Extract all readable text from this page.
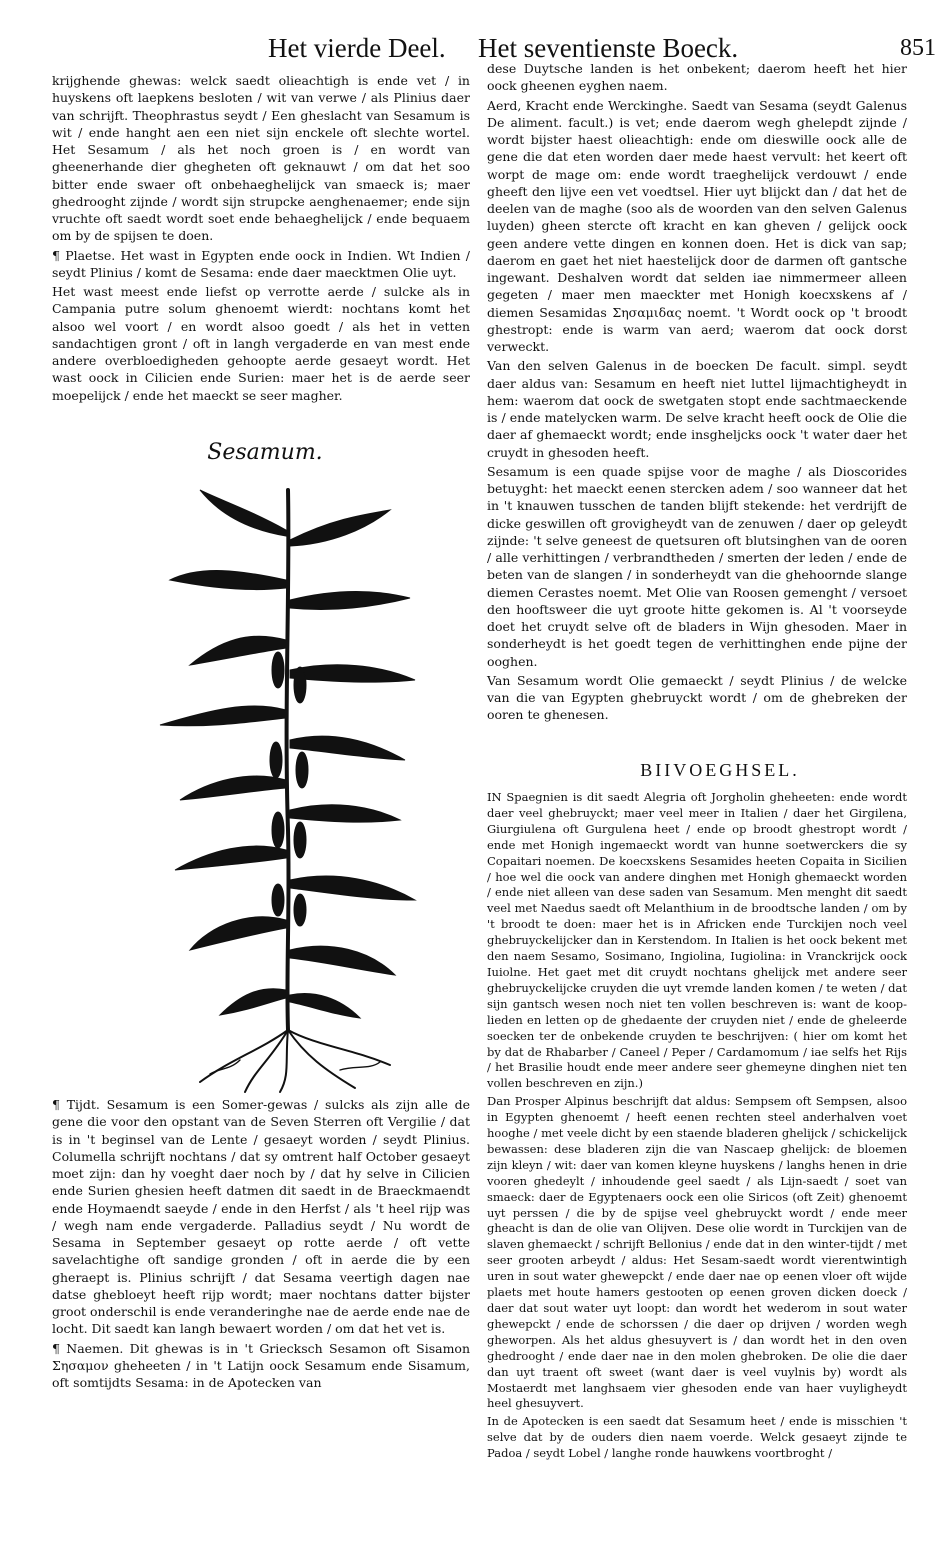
Het vierde Deel. Het seventienste Boeck.	851

krijghende ghewas: welck saedt olieachtigh is ende vet / in huyskens oft laepkens besloten / wit van verwe / als Plinius daer van schrijft. Theophrastus seydt / Een gheslacht van Sesamum is wit / ende hanght aen een niet sijn enckele oft slechte wortel. Het Sesamum / als het noch groen is / en wordt van gheenerhande dier ghegheten oft geknauwt / om dat het soo bitter ende swaer oft onbehaeghelijck van smaeck is; maer ghedrooght zijnde / wordt sijn strupcke aenghenaemer; ende sijn vruchte oft saedt wordt soet ende behaeghelijck / ende bequaem om by de spijsen te doen.

¶ Plaetse. Het wast in Egypten ende oock in Indien. Wt Indien / seydt Plinius / komt de Sesama: ende daer maecktmen Olie uyt.

Het wast meest ende liefst op verrotte aerde / sulcke als in Campania putre solum ghenoemt wierdt: nochtans komt het alsoo wel voort / en wordt alsoo goedt / als het in vetten sandachtigen gront / oft in langh vergaderde en van mest ende andere overbloedigheden gehoopte aerde gesaeyt wordt. Het wast oock in Cilicien ende Surien: maer het is de aerde seer moepelijck / ende het maeckt se seer magher.

Sesamum.

¶ Tijdt. Sesamum is een Somer-gewas / sulcks als zijn alle de gene die voor den opstant van de Seven Sterren oft Vergilie / dat is in 't beginsel van de Lente / gesaeyt worden / seydt Plinius. Columella schrijft nochtans / dat sy omtrent half October gesaeyt moet zijn: dan hy voeght daer noch by / dat hy selve in Cilicien ende Surien ghesien heeft datmen dit saedt in de Braeckmaendt ende Hoymaendt saeyde / ende in den Herfst / als 't heel rijp was / wegh nam ende vergaderde. Palladius seydt / Nu wordt de Sesama in September gesaeyt op rotte aerde / oft vette savelachtighe oft sandige gronden / oft in aerde die by een gheraept is. Plinius schrijft / dat Sesama veertigh dagen nae datse ghebloeyt heeft rijp wordt; maer nochtans datter bijster groot onderschil is ende veranderinghe nae de aerde ende nae de locht. Dit saedt kan langh bewaert worden / om dat het vet is.

¶ Naemen. Dit ghewas is in 't Griecksch Sesamon oft Sisamon Σησαμον gheheeten / in 't Latijn oock Sesamum ende Sisamum, oft somtijdts Sesama: in de Apotecken van

dese Duytsche landen is het onbekent; daerom heeft het hier oock gheenen eyghen naem.

Aerd, Kracht ende Werckinghe. Saedt van Sesama (seydt Galenus De aliment. facult.) is vet; ende daerom wegh ghelepdt zijnde / wordt bijster haest olieachtigh: ende om dieswille oock alle de gene die dat eten worden daer mede haest vervult: het keert oft worpt de mage om: ende wordt traeghelijck verdouwt / ende gheeft den lijve een vet voedtsel. Hier uyt blijckt dan / dat het de deelen van de maghe (soo als de woorden van den selven Galenus luyden) gheen stercte oft kracht en kan gheven / gelijck oock geen andere vette dingen en konnen doen. Het is dick van sap; daerom en gaet het niet haestelijck door de darmen oft gantsche ingewant. Deshalven wordt dat selden iae nimmermeer alleen gegeten / maer men maeckter met Honigh koecxskens af / diemen Sesamidas Σησαμιδας noemt. 't Wordt oock op 't broodt ghestropt: ende is warm van aerd; waerom dat oock dorst verweckt.

Van den selven Galenus in de boecken De facult. simpl. seydt daer aldus van: Sesamum en heeft niet luttel lijmachtigheydt in hem: waerom dat oock de swetgaten stopt ende sachtmaeckende is / ende matelycken warm. De selve kracht heeft oock de Olie die daer af ghemaeckt wordt; ende insgheljcks oock 't water daer het cruydt in ghesoden heeft.

Sesamum is een quade spijse voor de maghe / als Dioscorides betuyght: het maeckt eenen stercken adem / soo wanneer dat het in 't knauwen tusschen de tanden blijft stekende: het verdrijft de dicke geswillen oft grovigheydt van de zenuwen / daer op geleydt zijnde: 't selve geneest de quetsuren oft blutsinghen van de ooren / alle verhittingen / verbrandtheden / smerten der leden / ende de beten van de slangen / in sonderheydt van die ghehoornde slange diemen Cerastes noemt. Met Olie van Roosen gemenght / versoet den hooftsweer die uyt groote hitte gekomen is. Al 't voorseyde doet het cruydt selve oft de bladers in Wijn ghesoden. Maer in sonderheydt is het goedt tegen de verhittinghen ende pijne der ooghen.

Van Sesamum wordt Olie gemaeckt / seydt Plinius / de welcke van die van Egypten ghebruyckt wordt / om de ghebreken der ooren te ghenesen.

BIIVOEGHSEL.

IN Spaegnien is dit saedt Alegria oft Jorgholin gheheeten: ende wordt daer veel ghebruyckt; maer veel meer in Italien / daer het Girgilena, Giurgiulena oft Gurgulena heet / ende op broodt ghestropt wordt / ende met Honigh ingemaeckt wordt van hunne soetwerckers die sy Copaitari noemen. De koecxskens Sesamides heeten Copaita in Sicilien / hoe wel die oock van andere dinghen met Honigh ghemaeckt worden / ende niet alleen van dese saden van Sesamum. Men menght dit saedt veel met Naedus saedt oft Melanthium in de broodtsche landen / om by 't broodt te doen: maer het is in Africken ende Turckijen noch veel ghebruyckelijcker dan in Kerstendom. In Italien is het oock bekent met den naem Sesamo, Sosimano, Ingiolina, Iugiolina: in Vranckrijck oock Iuiolne. Het gaet met dit cruydt nochtans ghelijck met andere seer ghebruyckelijcke cruyden die uyt vremde landen komen / te weten / dat sijn gantsch wesen noch niet ten vollen beschreven is: want de koop-lieden en letten op de ghedaente der cruyden niet / ende de gheleerde soecken ter de onbekende cruyden te beschrijven: ( hier om komt het by dat de Rhabarber / Caneel / Peper / Cardamomum / iae selfs het Rijs / het Brasilie houdt ende meer andere seer ghemeyne dinghen niet ten vollen beschreven en zijn.)

Dan Prosper Alpinus beschrijft dat aldus: Sempsem oft Sempsen, alsoo in Egypten ghenoemt / heeft eenen rechten steel anderhalven voet hooghe / met veele dicht by een staende bladeren ghelijck / schickelijck bewassen: dese bladeren zijn die van Nascaep ghelijck: de bloemen zijn kleyn / wit: daer van komen kleyne huyskens / langhs henen in drie vooren ghedeylt / inhoudende geel saedt / als Lijn-saedt / soet van smaeck: daer de Egyptenaers oock een olie Siricos (oft Zeit) ghenoemt uyt perssen / die by de spijse veel ghebruyckt wordt / ende meer gheacht is dan de olie van Olijven. Dese olie wordt in Turckijen van de slaven ghemaeckt / schrijft Bellonius / ende dat in den winter-tijdt / met seer grooten arbeydt / aldus: Het Sesam-saedt wordt vierentwintigh uren in sout water ghewepckt / ende daer nae op eenen vloer oft wijde plaets met houte hamers gestooten op eenen groven dicken doeck / daer dat sout water uyt loopt: dan wordt het wederom in sout water ghewepckt / ende de schorssen / die daer op drijven / worden wegh gheworpen. Als het aldus ghesuyvert is / dan wordt het in den oven ghedrooght / ende daer nae in den molen ghebroken. De olie die daer dan uyt traent oft sweet (want daer is veel vuylnis by) wordt als Mostaerdt met langhsaem vier ghesoden ende van haer vuyligheydt heel ghesuyvert.

In de Apotecken is een saedt dat Sesamum heet / ende is misschien 't selve dat by de ouders dien naem voerde. Welck gesaeyt zijnde te Padoa / seydt Lobel / langhe ronde hauwkens voortbroght /
